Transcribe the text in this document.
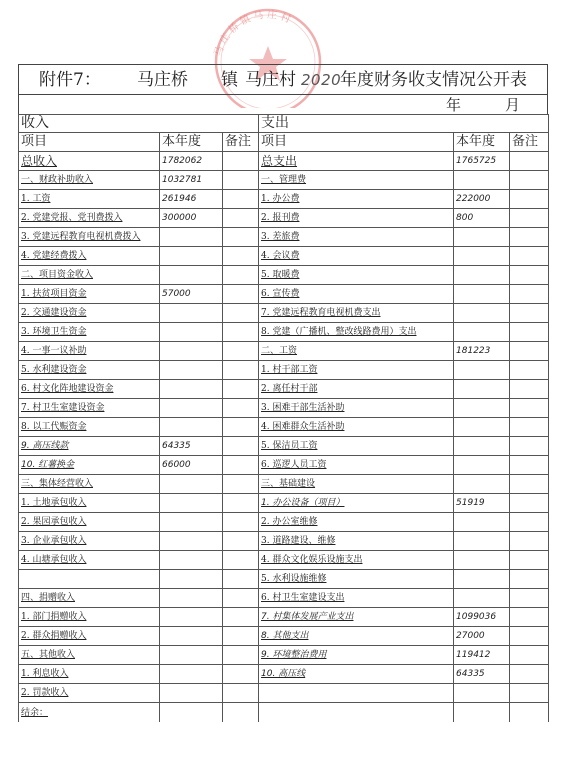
马庄桥镇马庄村
附件7： 马庄桥 镇 马庄村 2020
年度财务收支情况公开表
年	月
收入			支出		
项目	本年度	备注	项目	本年度	备注
总收入	1782062		总支出	1765725	
一、财政补助收入	1032781		一、管理费		
1. 工资	261946		1. 办公费	222000	
2. 党建党报、党刊费拨入	300000		2. 报刊费	800	
3. 党建远程教育电视机费拨入			3. 差旅费		
4. 党建经费拨入			4. 会议费		
二、项目资金收入			5. 取暖费		
1. 扶贫项目资金	57000		6. 宣传费		
2. 交通建设资金			7. 党建远程教育电视机费支出		
3. 环境卫生资金			8. 党建（广播机、整改线路费用）支出		
4. 一事一议补助			二、工资	181223	
5. 水利建设资金			1. 村干部工资		
6. 村文化阵地建设资金			2. 离任村干部		
7. 村卫生室建设资金			3. 困难干部生活补助		
8. 以工代赈资金			4. 困难群众生活补助		
9. 高压线款	64335		5. 保洁员工资		
10. 红薯换金	66000		6. 巡逻人员工资		
三、集体经营收入			三、基础建设		
1. 土地承包收入			1. 办公设备（项目）	51919	
2. 果园承包收入			2. 办公室维修		
3. 企业承包收入			3. 道路建设、维修		
4. 山塘承包收入			4. 群众文化娱乐设施支出		
			5. 水利设施维修		
四、捐赠收入			6. 村卫生室建设支出		
1. 部门捐赠收入			7. 村集体发展产业支出	1099036	
2. 群众捐赠收入			8. 其他支出	27000	
五、其他收入			9. 环境整治费用	119412	
1. 利息收入			10. 高压线	64335	
2. 罚款收入					
结余：					
